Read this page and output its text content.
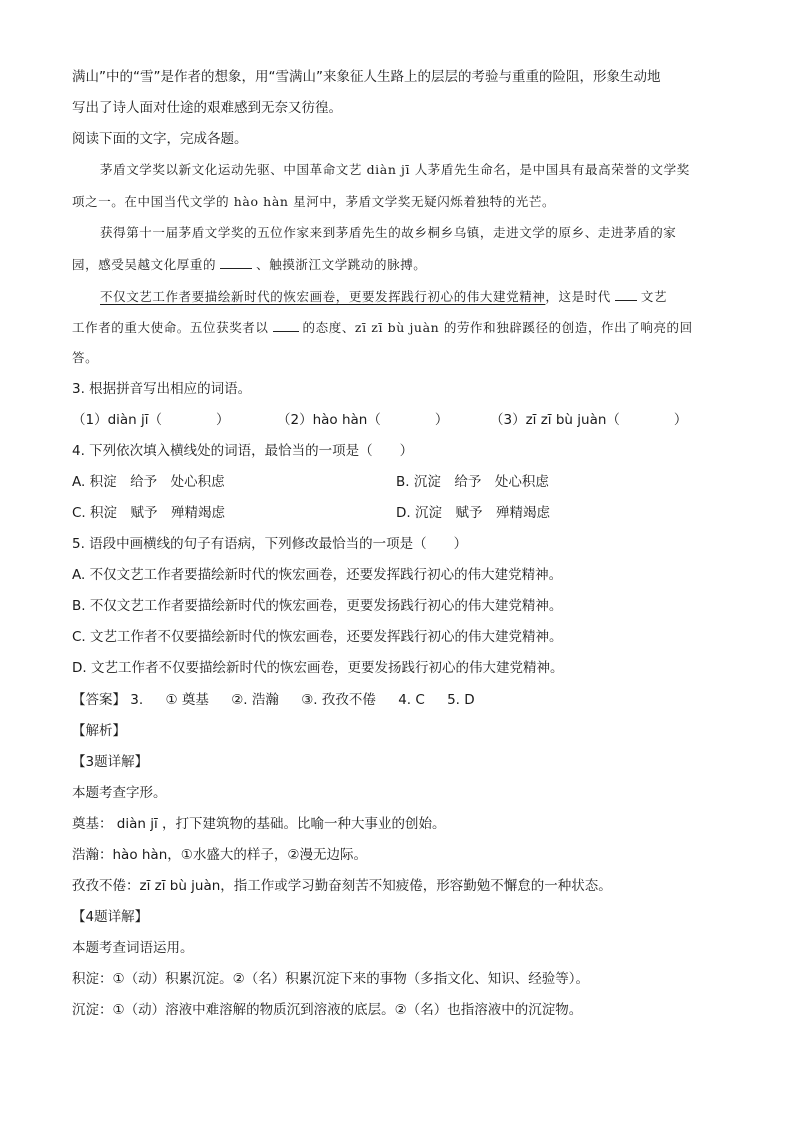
满山”中的“雪”是作者的想象，用“雪满山”来象征人生路上的层层的考验与重重的险阻，形象生动地
写出了诗人面对仕途的艰难感到无奈又彷徨。
阅读下面的文字，完成各题。
茅盾文学奖以新文化运动先驱、中国革命文艺 diàn jī 人茅盾先生命名，是中国具有最高荣誉的文学奖
项之一。在中国当代文学的 hào hàn 星河中，茅盾文学奖无疑闪烁着独特的光芒。
获得第十一届茅盾文学奖的五位作家来到茅盾先生的故乡桐乡乌镇，走进文学的原乡、走进茅盾的家
园，感受吴越文化厚重的	、触摸浙江文学跳动的脉搏。
不仅文艺工作者要描绘新时代的恢宏画卷，更要发挥践行初心的伟大建党精神，这是时代 文艺
工作者的重大使命。五位获奖者以	的态度、zī zī bù juàn 的劳作和独辟蹊径的创造，作出了响亮的回
答。
3. 根据拼音写出相应的词语。
（1）diàn jī（　　　　）	（2）hào hàn（　　　　）	（3）zī zī bù juàn（　　　　）
4. 下列依次填入横线处的词语，最恰当的一项是（　　）
A. 积淀　给予　处心积虑	B. 沉淀　给予　处心积虑
C. 积淀　赋予　殚精竭虑	D. 沉淀　赋予　殚精竭虑
5. 语段中画横线的句子有语病，下列修改最恰当的一项是（　　）
A. 不仅文艺工作者要描绘新时代的恢宏画卷，还要发挥践行初心的伟大建党精神。
B. 不仅文艺工作者要描绘新时代的恢宏画卷，更要发扬践行初心的伟大建党精神。
C. 文艺工作者不仅要描绘新时代的恢宏画卷，还要发挥践行初心的伟大建党精神。
D. 文艺工作者不仅要描绘新时代的恢宏画卷，更要发扬践行初心的伟大建党精神。
【答案】 3. ① 奠基 ②. 浩瀚 ③. 孜孜不倦 4. C 5. D
【解析】
【3题详解】
本题考查字形。
奠基： diàn jī ，打下建筑物的基础。比喻一种大事业的创始。
浩瀚：hào hàn，①水盛大的样子，②漫无边际。
孜孜不倦：zī zī bù juàn，指工作或学习勤奋刻苦不知疲倦，形容勤勉不懈怠的一种状态。
【4题详解】
本题考查词语运用。
积淀：①（动）积累沉淀。②（名）积累沉淀下来的事物（多指文化、知识、经验等）。
沉淀：①（动）溶液中难溶解的物质沉到溶液的底层。②（名）也指溶液中的沉淀物。
